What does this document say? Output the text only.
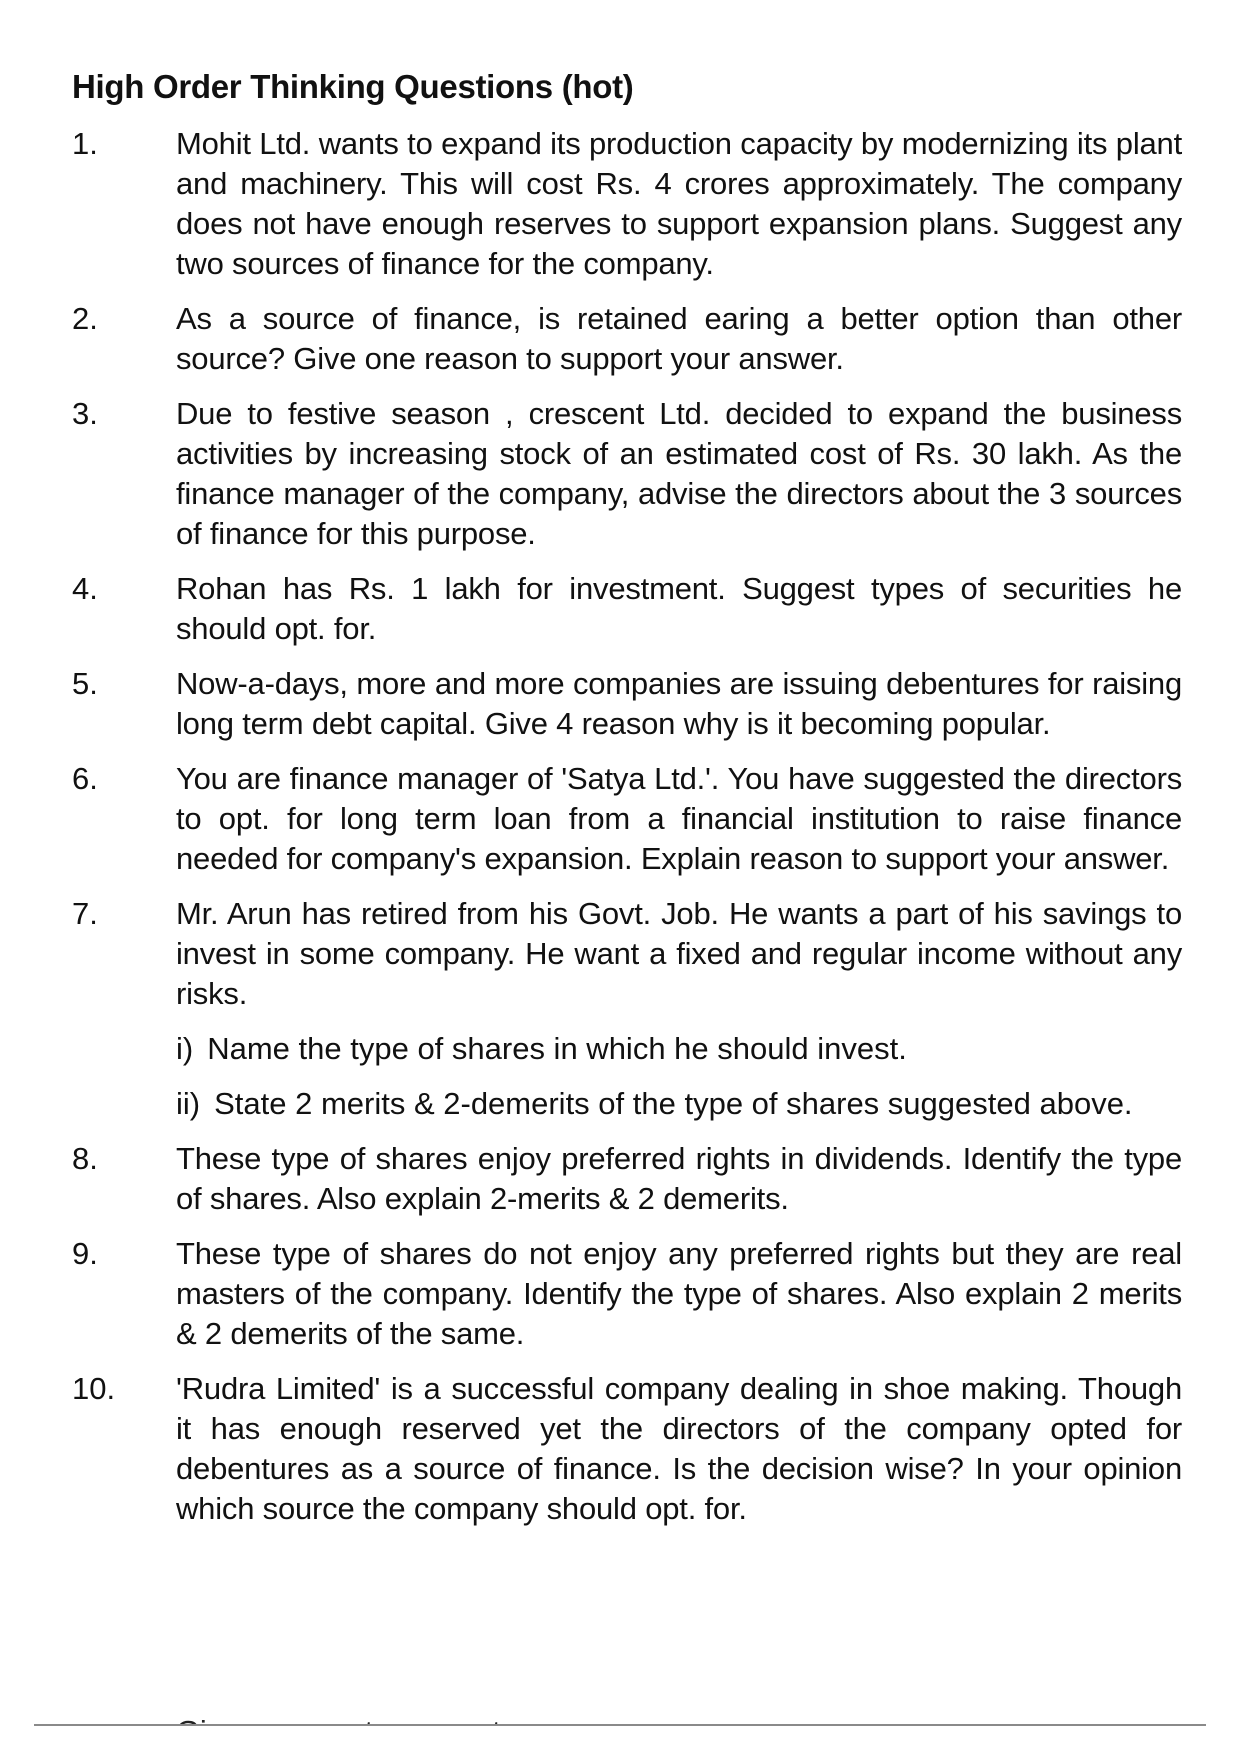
High Order Thinking Questions (hot)
1.	Mohit Ltd. wants to expand its production capacity by modernizing its plant and machinery. This will cost Rs. 4 crores approximately. The company does not have enough reserves to support expansion plans. Suggest any two sources of finance for the company.
2.	As a source of finance, is retained earing a better option than other source? Give one reason to support your answer.
3.	Due to festive season , crescent Ltd. decided to expand the business activities by increasing stock of an estimated cost of Rs. 30 lakh. As the finance manager of the company, advise the directors about the 3 sources of finance for this purpose.
4.	Rohan has Rs. 1 lakh for investment. Suggest types of securities he should opt. for.
5.	Now-a-days, more and more companies are issuing debentures for raising long term debt capital. Give 4 reason why is it becoming popular.
6.	You are finance manager of 'Satya Ltd.'. You have suggested the directors to opt. for long term loan from a financial institution to raise finance needed for company's expansion. Explain reason to support your answer.
7.	Mr. Arun has retired from his Govt. Job. He wants a part of his savings to invest in some company. He want a fixed and regular income without any risks.
i) Name the type of shares in which he should invest.
ii) State 2 merits & 2-demerits of the type of shares suggested above.
8.	These type of shares enjoy preferred rights in dividends. Identify the type of shares. Also explain 2-merits & 2 demerits.
9.	These type of shares do not enjoy any preferred rights but they are real masters of the company. Identify the type of shares. Also explain 2 merits & 2 demerits of the same.
10.	'Rudra Limited' is a successful company dealing in shoe making. Though it has enough reserved yet the directors of the company opted for debentures as a source of finance. Is the decision wise? In your opinion which source the company should opt. for.
